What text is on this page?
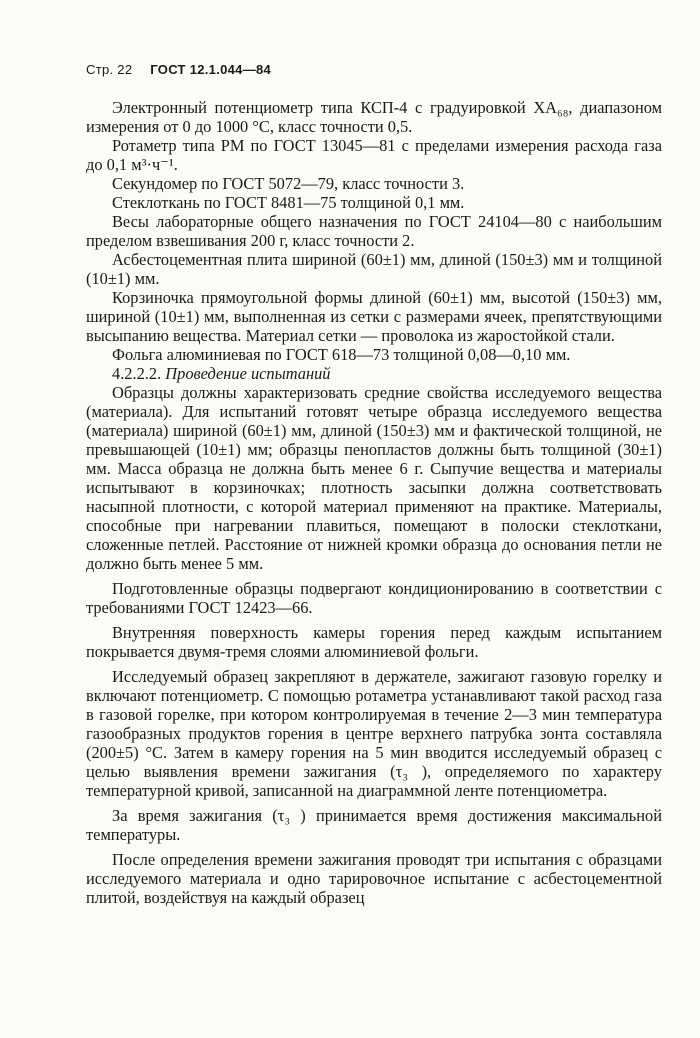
Стр. 22 ГОСТ 12.1.044—84

Электронный потенциометр типа КСП-4 с градуировкой ХА₆₈, диапазоном измерения от 0 до 1000 °С, класс точности 0,5.

Ротаметр типа РМ по ГОСТ 13045—81 с пределами измерения расхода газа до 0,1 м³·ч⁻¹.

Секундомер по ГОСТ 5072—79, класс точности 3.

Стеклоткань по ГОСТ 8481—75 толщиной 0,1 мм.

Весы лабораторные общего назначения по ГОСТ 24104—80 с наибольшим пределом взвешивания 200 г, класс точности 2.

Асбестоцементная плита шириной (60±1) мм, длиной (150±3) мм и толщиной (10±1) мм.

Корзиночка прямоугольной формы длиной (60±1) мм, высотой (150±3) мм, шириной (10±1) мм, выполненная из сетки с размерами ячеек, препятствующими высыпанию вещества. Материал сетки — проволока из жаростойкой стали.

Фольга алюминиевая по ГОСТ 618—73 толщиной 0,08—0,10 мм.

4.2.2.2. Проведение испытаний

Образцы должны характеризовать средние свойства исследуемого вещества (материала). Для испытаний готовят четыре образца исследуемого вещества (материала) шириной (60±1) мм, длиной (150±3) мм и фактической толщиной, не превышающей (10±1) мм; образцы пенопластов должны быть толщиной (30±1) мм. Масса образца не должна быть менее 6 г. Сыпучие вещества и материалы испытывают в корзиночках; плотность засыпки должна соответствовать насыпной плотности, с которой материал применяют на практике. Материалы, способные при нагревании плавиться, помещают в полоски стеклоткани, сложенные петлей. Расстояние от нижней кромки образца до основания петли не должно быть менее 5 мм.

Подготовленные образцы подвергают кондиционированию в соответствии с требованиями ГОСТ 12423—66.

Внутренняя поверхность камеры горения перед каждым испытанием покрывается двумя-тремя слоями алюминиевой фольги.

Исследуемый образец закрепляют в держателе, зажигают газовую горелку и включают потенциометр. С помощью ротаметра устанавливают такой расход газа в газовой горелке, при котором контролируемая в течение 2—3 мин температура газообразных продуктов горения в центре верхнего патрубка зонта составляла (200±5) °С. Затем в камеру горения на 5 мин вводится исследуемый образец с целью выявления времени зажигания (τ₃ ), определяемого по характеру температурной кривой, записанной на диаграммной ленте потенциометра.

За время зажигания (τ₃ ) принимается время достижения максимальной температуры.

После определения времени зажигания проводят три испытания с образцами исследуемого материала и одно тарировочное испытание с асбестоцементной плитой, воздействуя на каждый образец
